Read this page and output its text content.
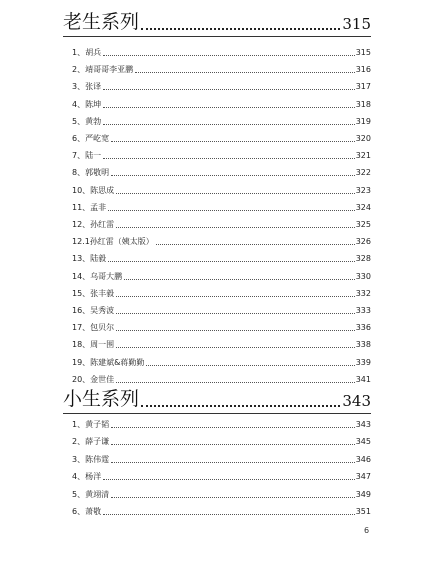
老生系列	315
1、胡兵	315
2、靖哥哥李亚鹏	316
3、张译	317
4、陈坤	318
5、黄勃	319
6、严屹宽	320
7、陆一	321
8、郭敬明	322
10、陈思成	323
11、孟非	324
12、孙红雷	325
12.1孙红雷（姨太版）	326
13、陆毅	328
14、乌哥大鹏	330
15、张丰毅	332
16、吴秀波	333
17、包贝尔	336
18、周一围	338
19、陈建斌&蒋勤勤	339
20、金世佳	341
小生系列	343
1、黄子韬	343
2、薛子谦	345
3、陈伟霆	346
4、杨洋	347
5、黄翊清	349
6、萧敬	351
6
